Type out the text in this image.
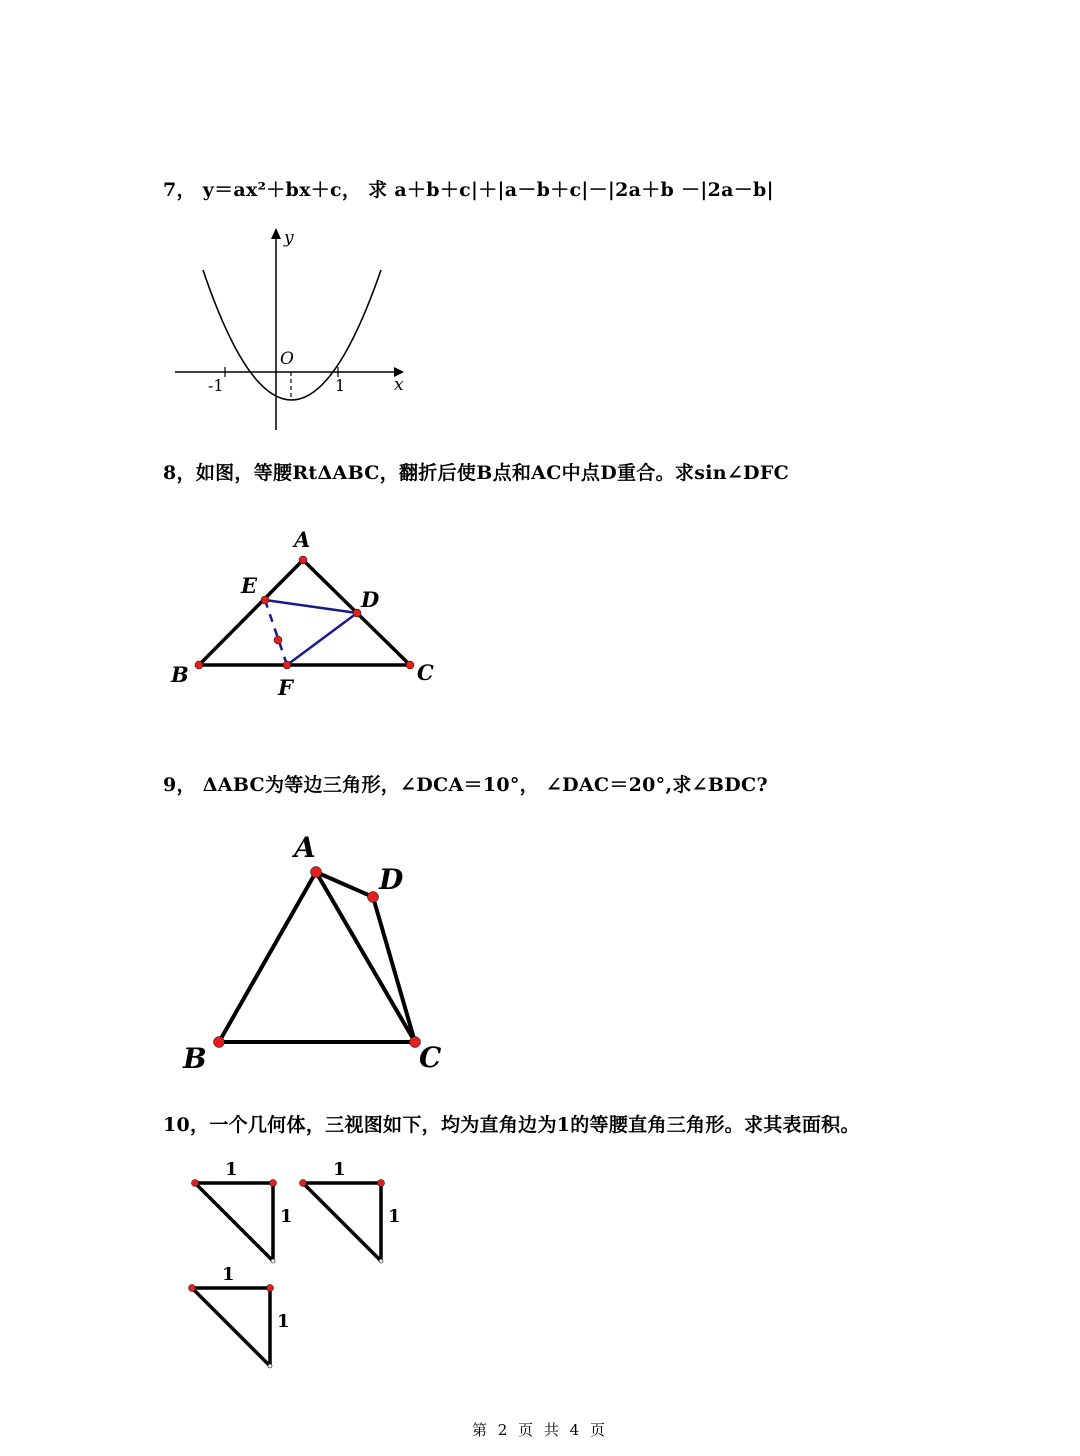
7， y＝ax²＋bx＋c， 求 a＋b＋c|＋|a－b＋c|－|2a＋b －|2a－b|
y
x
O
-1	1
8，如图，等腰RtΔABC，翻折后使B点和AC中点D重合。求sin∠DFC
A
B	C
D
E
F
9， ΔABC为等边三角形，∠DCA＝10°， ∠DAC＝20°,求∠BDC?
A
B	C
D
10，一个几何体，三视图如下，均为直角边为1的等腰直角三角形。求其表面积。
1
1
1
1
1
1
第 2 页 共 4 页
